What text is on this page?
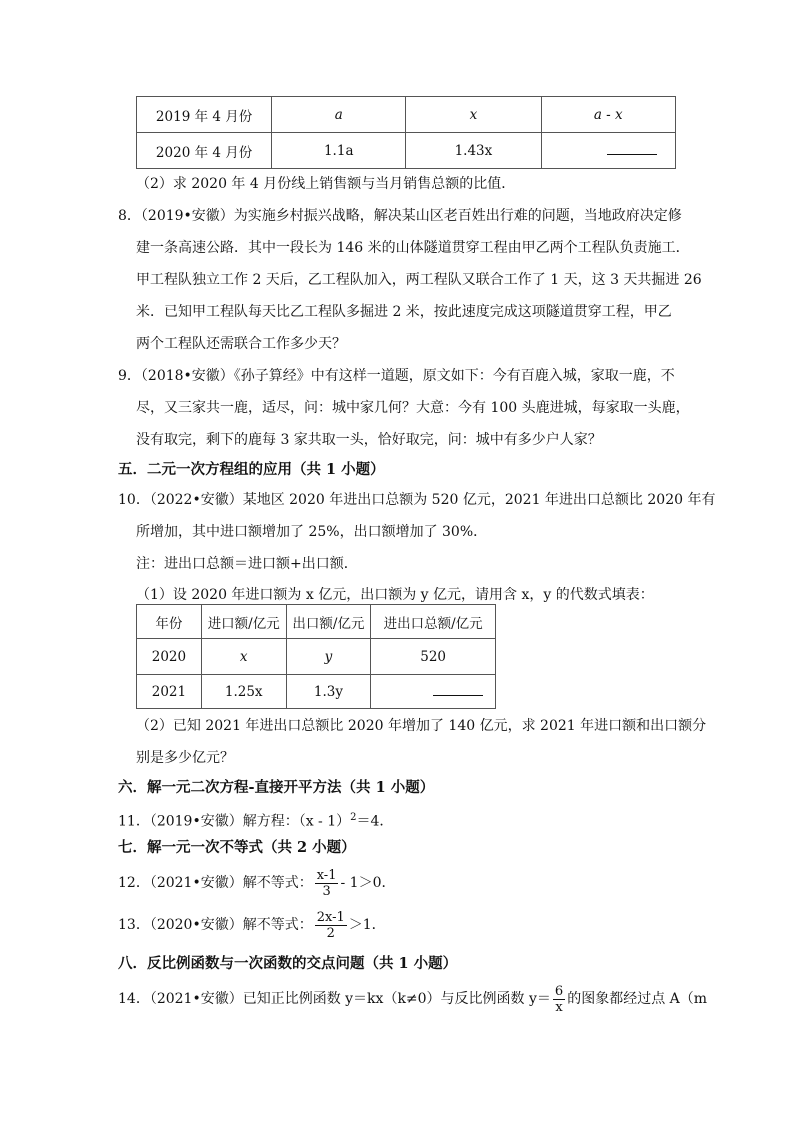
2019 年 4 月份	a	x	a - x
2020 年 4 月份	1.1a	1.43x	
（2）求 2020 年 4 月份线上销售额与当月销售总额的比值．
8．（2019•安徽）为实施乡村振兴战略，解决某山区老百姓出行难的问题，当地政府决定修
建一条高速公路．其中一段长为 146 米的山体隧道贯穿工程由甲乙两个工程队负责施工．
甲工程队独立工作 2 天后，乙工程队加入，两工程队又联合工作了 1 天，这 3 天共掘进 26
米．已知甲工程队每天比乙工程队多掘进 2 米，按此速度完成这项隧道贯穿工程，甲乙
两个工程队还需联合工作多少天？
9．（2018•安徽）《孙子算经》中有这样一道题，原文如下：今有百鹿入城，家取一鹿，不
尽，又三家共一鹿，适尽，问：城中家几何？大意：今有 100 头鹿进城，每家取一头鹿，
没有取完，剩下的鹿每 3 家共取一头，恰好取完，问：城中有多少户人家？
五．二元一次方程组的应用（共 1 小题）
10．（2022•安徽）某地区 2020 年进出口总额为 520 亿元，2021 年进出口总额比 2020 年有
所增加，其中进口额增加了 25%，出口额增加了 30%．
注：进出口总额＝进口额+出口额．
（1）设 2020 年进口额为 x 亿元，出口额为 y 亿元，请用含 x，y 的代数式填表：
年份	进口额/亿元	出口额/亿元	进出口总额/亿元
2020	x	y	520
2021	1.25x	1.3y	
（2）已知 2021 年进出口总额比 2020 年增加了 140 亿元，求 2021 年进口额和出口额分
别是多少亿元？
六．解一元二次方程-直接开平方法（共 1 小题）
11．（2019•安徽）解方程：（x - 1）$^2$＝4．
七．解一元一次不等式（共 2 小题）
12．（2021•安徽）解不等式： $\frac{x-1}{3} - 1>0$．
13．（2020•安徽）解不等式： $\frac{2x-1}{2} >1$．
八．反比例函数与一次函数的交点问题（共 1 小题）
14．（2021•安徽）已知正比例函数 y＝kx（k≠0）与反比例函数 $y= \frac{6}{x}$ 的图象都经过点 A（m
